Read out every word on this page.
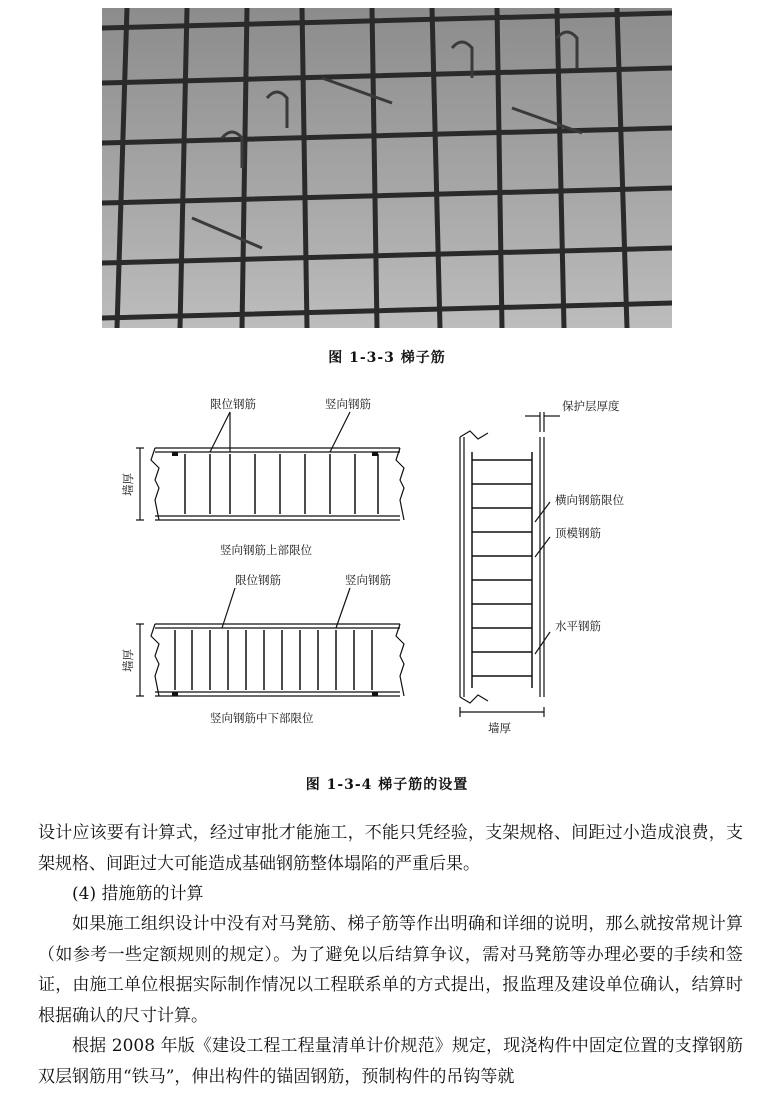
图 1-3-3 梯子筋
限位钢筋	竖向钢筋
墙厚
竖向钢筋上部限位
限位钢筋	竖向钢筋
墙厚
竖向钢筋中下部限位
保护层厚度
横向钢筋限位
顶模钢筋
水平钢筋
墙厚
图 1-3-4 梯子筋的设置

设计应该要有计算式，经过审批才能施工，不能只凭经验，支架规格、间距过小造成浪费，支架规格、间距过大可能造成基础钢筋整体塌陷的严重后果。

(4) 措施筋的计算

如果施工组织设计中没有对马凳筋、梯子筋等作出明确和详细的说明，那么就按常规计算（如参考一些定额规则的规定）。为了避免以后结算争议，需对马凳筋等办理必要的手续和签证，由施工单位根据实际制作情况以工程联系单的方式提出，报监理及建设单位确认，结算时根据确认的尺寸计算。

根据 2008 年版《建设工程工程量清单计价规范》规定，现浇构件中固定位置的支撑钢筋双层钢筋用“铁马”，伸出构件的锚固钢筋，预制构件的吊钩等就
